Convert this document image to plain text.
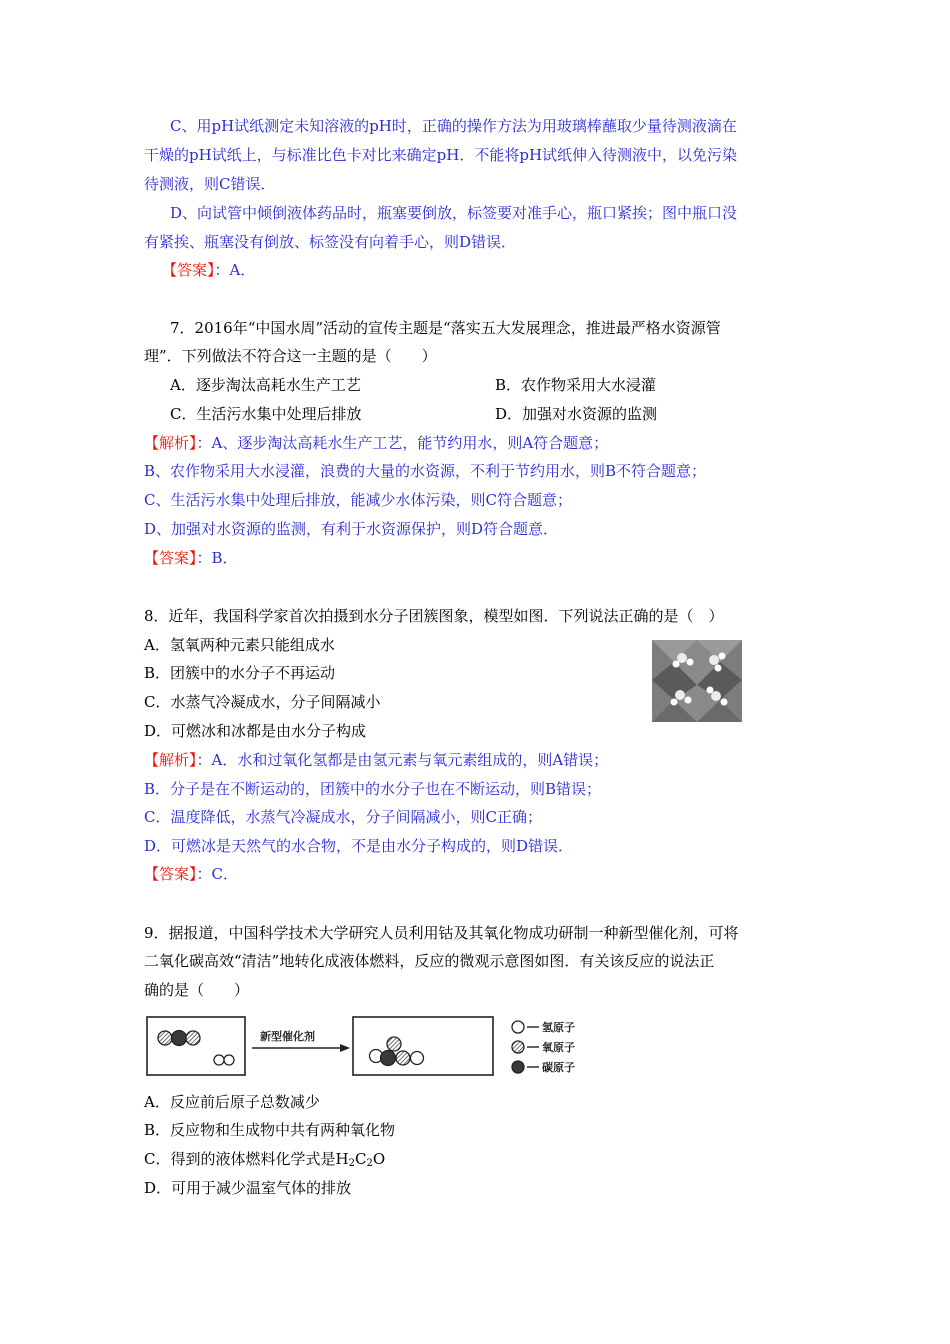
C、用pH试纸测定未知溶液的pH时，正确的操作方法为用玻璃棒蘸取少量待测液滴在
干燥的pH试纸上，与标准比色卡对比来确定pH．不能将pH试纸伸入待测液中，以免污染
待测液，则C错误．
D、向试管中倾倒液体药品时，瓶塞要倒放，标签要对准手心，瓶口紧挨；图中瓶口没
有紧挨、瓶塞没有倒放、标签没有向着手心，则D错误．
【答案】：A．
7．2016年“中国水周”活动的宣传主题是“落实五大发展理念，推进最严格水资源管
理”．下列做法不符合这一主题的是（　　）
A．逐步淘汰高耗水生产工艺	B．农作物采用大水浸灌
C．生活污水集中处理后排放	D．加强对水资源的监测
【解析】：A、逐步淘汰高耗水生产工艺，能节约用水，则A符合题意；
B、农作物采用大水浸灌，浪费的大量的水资源，不利于节约用水，则B不符合题意；
C、生活污水集中处理后排放，能减少水体污染，则C符合题意；
D、加强对水资源的监测，有利于水资源保护，则D符合题意．
【答案】：B．
8．近年，我国科学家首次拍摄到水分子团簇图象，模型如图．下列说法正确的是（　）
A．氢氧两种元素只能组成水
B．团簇中的水分子不再运动
C．水蒸气冷凝成水，分子间隔减小
D．可燃冰和冰都是由水分子构成
【解析】：A．水和过氧化氢都是由氢元素与氧元素组成的，则A错误；
B．分子是在不断运动的，团簇中的水分子也在不断运动，则B错误；
C．温度降低，水蒸气冷凝成水，分子间隔减小，则C正确；
D．可燃冰是天然气的水合物，不是由水分子构成的，则D错误．
【答案】：C．
9．据报道，中国科学技术大学研究人员利用钴及其氧化物成功研制一种新型催化剂，可将
二氧化碳高效“清洁”地转化成液体燃料，反应的微观示意图如图．有关该反应的说法正
确的是（　　）
新型催化剂
氢原子
氧原子
碳原子
A．反应前后原子总数减少
B．反应物和生成物中共有两种氧化物
C．得到的液体燃料化学式是$H_2C_2O$
D．可用于减少温室气体的排放
